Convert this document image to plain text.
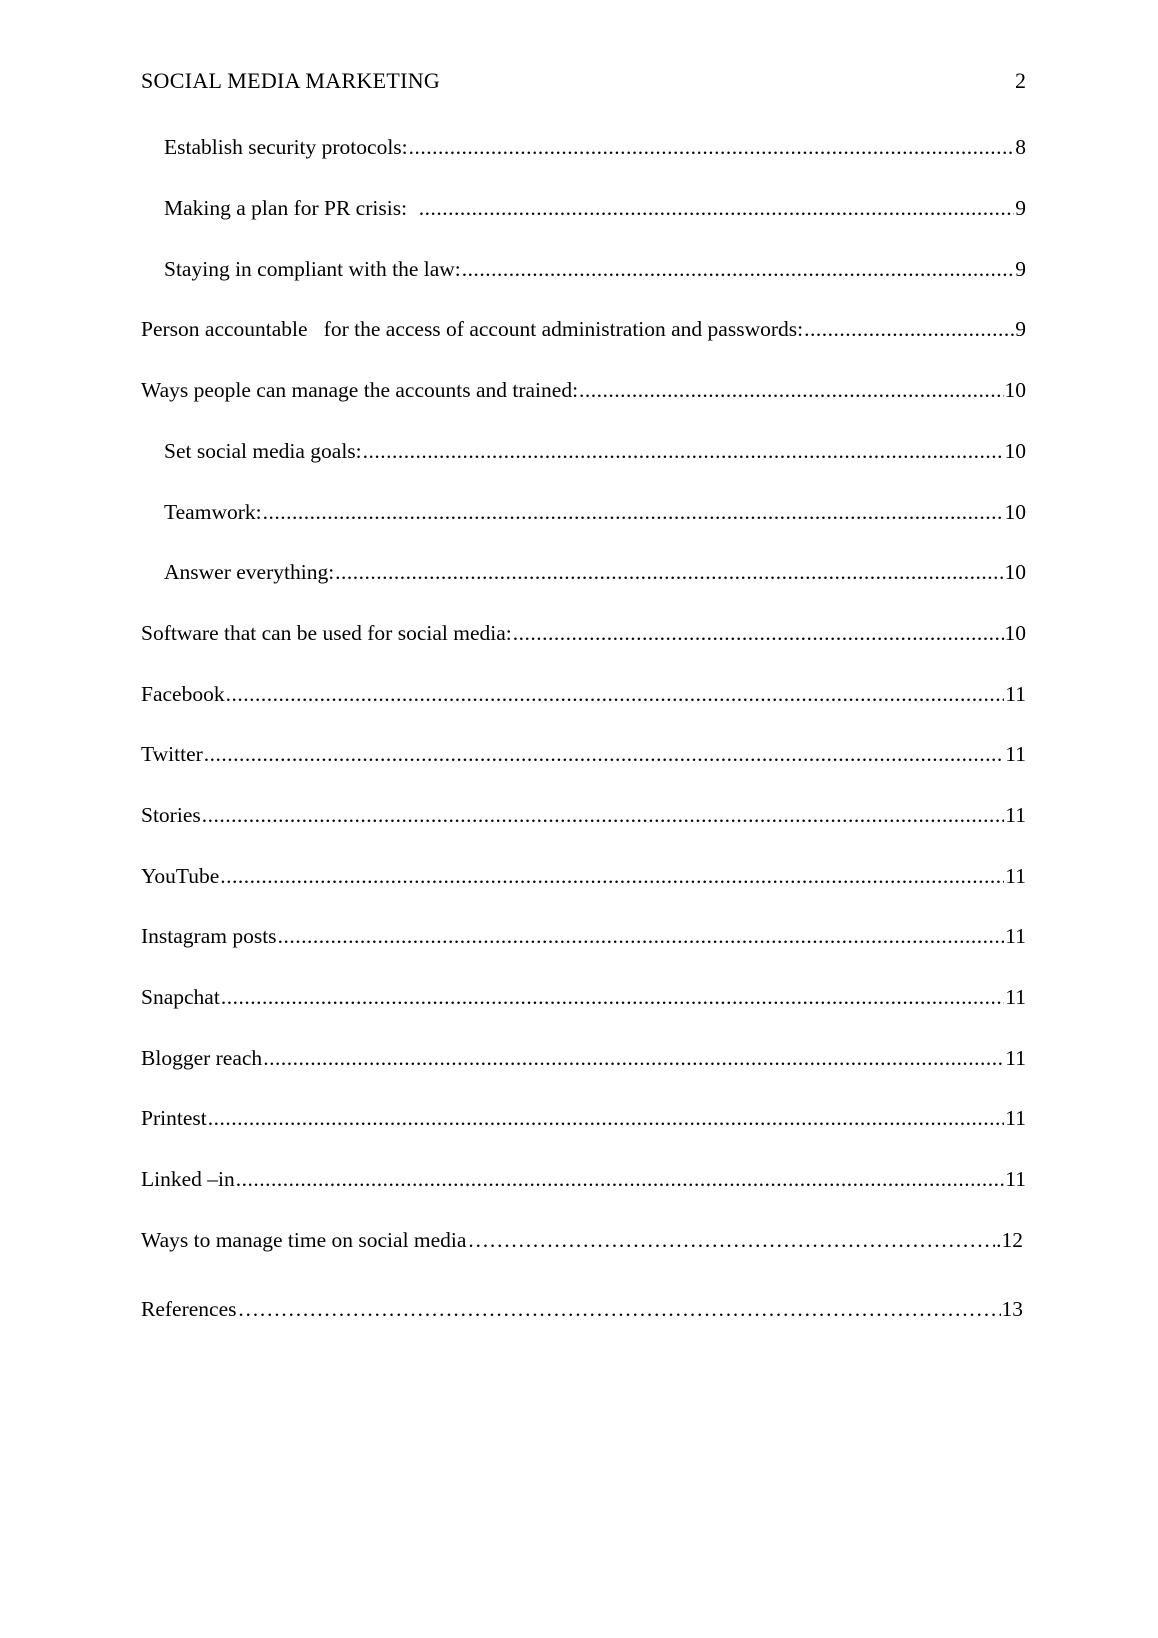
SOCIAL MEDIA MARKETING	2
Establish security protocols: .....	8
Making a plan for PR crisis: .....	9
Staying in compliant with the law: .....	9
Person accountable   for the access of account administration and passwords: .....	9
Ways people can manage the accounts and trained: .....	10
Set social media goals: .....	10
Teamwork: .....	10
Answer everything: .....	10
Software that can be used for social media: .....	10
Facebook .....	11
Twitter .....	11
Stories .....	11
YouTube .....	11
Instagram posts .....	11
Snapchat .....	11
Blogger reach .....	11
Printest .....	11
Linked –in .....	11
Ways to manage time on social media ……………………………………………………………………………………………………………………………………………………………………………………	.12
References ……………………………………………………………………………………………………………………………………………………………………………………	13
